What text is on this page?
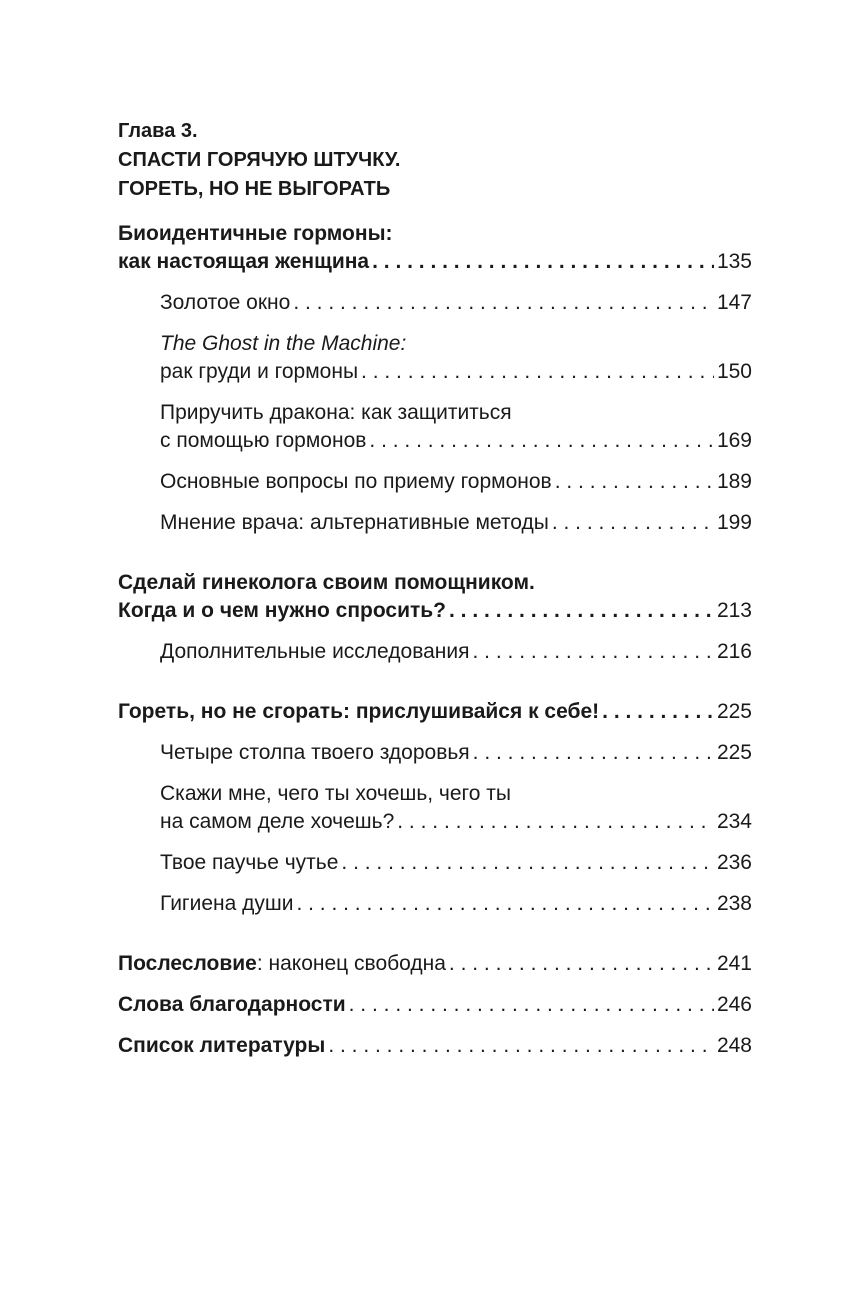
Глава 3.
СПАСТИ ГОРЯЧУЮ ШТУЧКУ.
ГОРЕТЬ, НО НЕ ВЫГОРАТЬ
Биоидентичные гормоны:
как настоящая женщина . . .	135
Золотое окно . . .	147
The Ghost in the Machine:
рак груди и гормоны . . .	150
Приручить дракона: как защититься
с помощью гормонов . . .	169
Основные вопросы по приему гормонов . . .	189
Мнение врача: альтернативные методы . . .	199
Сделай гинеколога своим помощником.
Когда и о чем нужно спросить? . . .	213
Дополнительные исследования . . .	216
Гореть, но не сгорать: прислушивайся к себе! . . .	225
Четыре столпа твоего здоровья . . .	225
Скажи мне, чего ты хочешь, чего ты
на самом деле хочешь? . . .	234
Твое паучье чутье . . .	236
Гигиена души . . .	238
Послесловие: наконец свободна . . .	241
Слова благодарности . . .	246
Список литературы . . .	248
